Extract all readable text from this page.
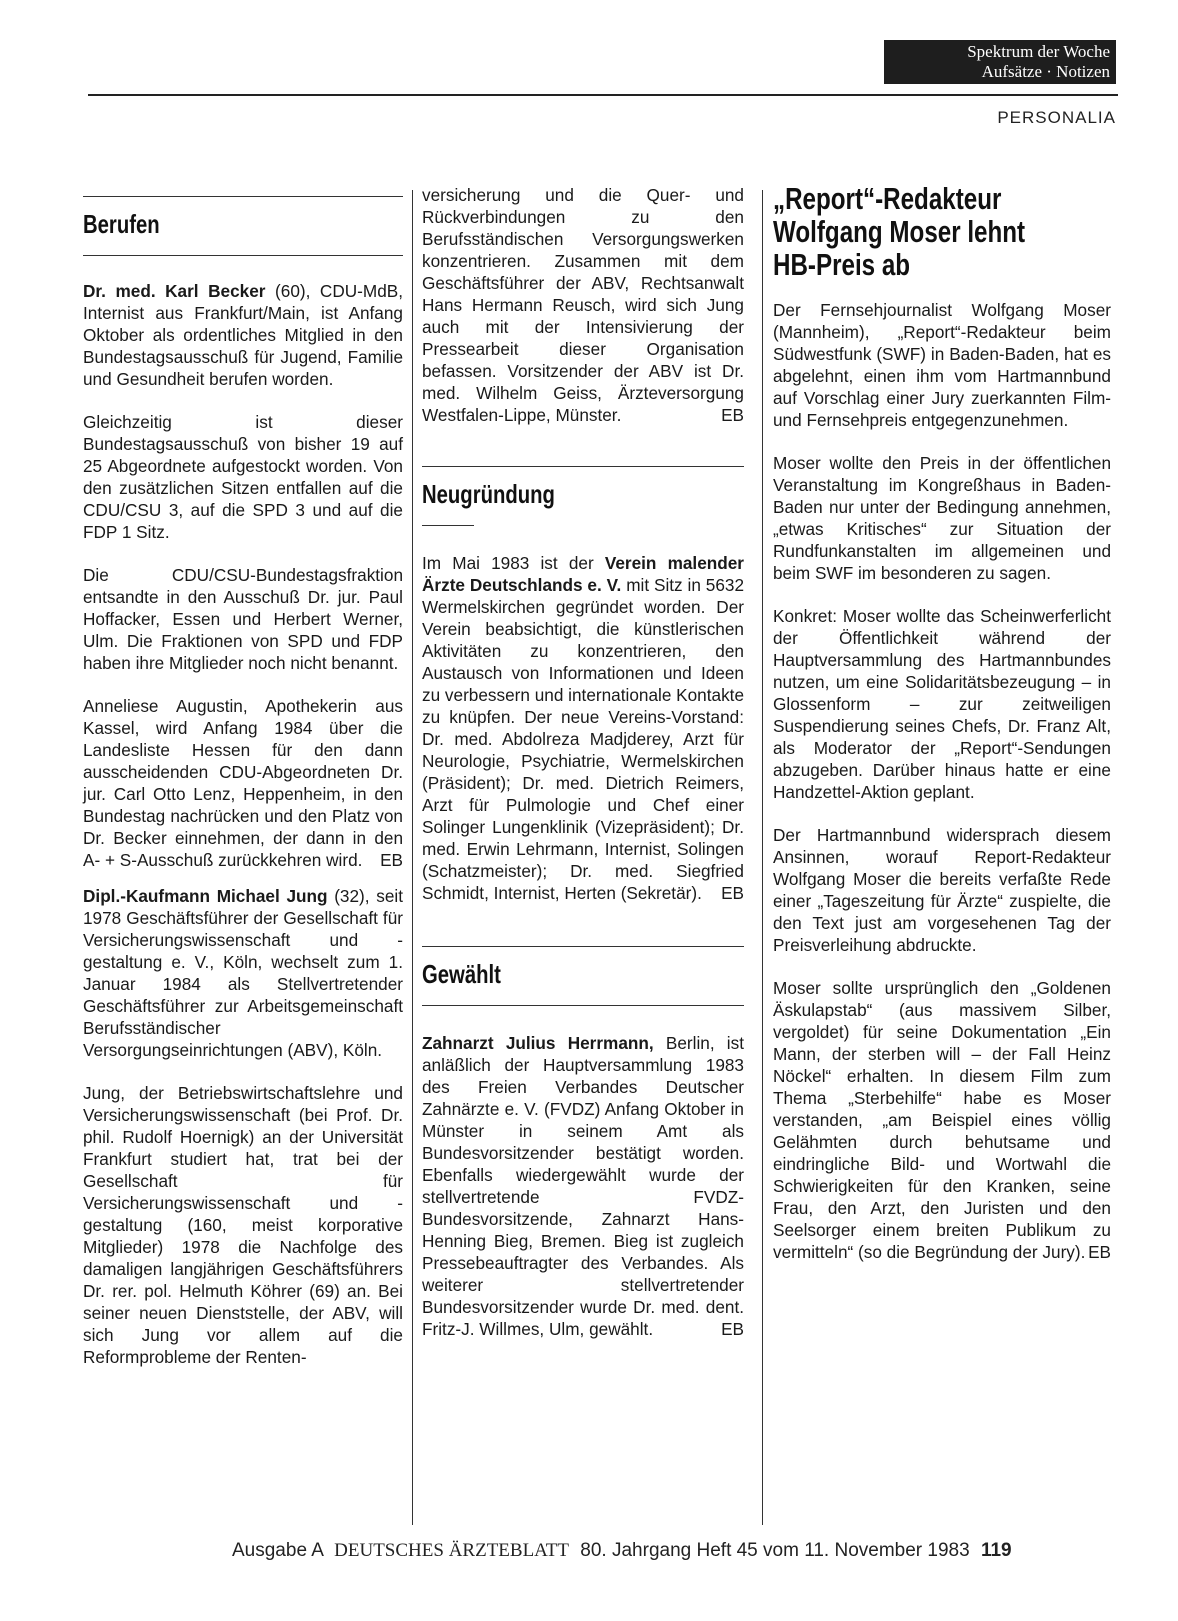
Spektrum der Woche
Aufsätze · Notizen
PERSONALIA
Berufen

Dr. med. Karl Becker (60), CDU-MdB, Internist aus Frankfurt/Main, ist Anfang Oktober als ordentliches Mitglied in den Bundestagsausschuß für Jugend, Familie und Gesundheit berufen worden.

Gleichzeitig ist dieser Bundestagsausschuß von bisher 19 auf 25 Abgeordnete aufgestockt worden. Von den zusätzlichen Sitzen entfallen auf die CDU/CSU 3, auf die SPD 3 und auf die FDP 1 Sitz.

Die CDU/CSU-Bundestagsfraktion entsandte in den Ausschuß Dr. jur. Paul Hoffacker, Essen und Herbert Werner, Ulm. Die Fraktionen von SPD und FDP haben ihre Mitglieder noch nicht benannt.

Anneliese Augustin, Apothekerin aus Kassel, wird Anfang 1984 über die Landesliste Hessen für den dann ausscheidenden CDU-Abgeordneten Dr. jur. Carl Otto Lenz, Heppenheim, in den Bundestag nachrücken und den Platz von Dr. Becker einnehmen, der dann in den A- + S-Ausschuß zurückkehren wird. EB

Dipl.-Kaufmann Michael Jung (32), seit 1978 Geschäftsführer der Gesellschaft für Versicherungswissenschaft und -gestaltung e. V., Köln, wechselt zum 1. Januar 1984 als Stellvertretender Geschäftsführer zur Arbeitsgemeinschaft Berufsständischer Versorgungseinrichtungen (ABV), Köln.

Jung, der Betriebswirtschaftslehre und Versicherungswissenschaft (bei Prof. Dr. phil. Rudolf Hoernigk) an der Universität Frankfurt studiert hat, trat bei der Gesellschaft für Versicherungswissenschaft und -gestaltung (160, meist korporative Mitglieder) 1978 die Nachfolge des damaligen langjährigen Geschäftsführers Dr. rer. pol. Helmuth Köhrer (69) an. Bei seiner neuen Dienststelle, der ABV, will sich Jung vor allem auf die Reformprobleme der Renten-

versicherung und die Quer- und Rückverbindungen zu den Berufsständischen Versorgungswerken konzentrieren. Zusammen mit dem Geschäftsführer der ABV, Rechtsanwalt Hans Hermann Reusch, wird sich Jung auch mit der Intensivierung der Pressearbeit dieser Organisation befassen. Vorsitzender der ABV ist Dr. med. Wilhelm Geiss, Ärzteversorgung Westfalen-Lippe, Münster.	EB

Neugründung

Im Mai 1983 ist der Verein malender Ärzte Deutschlands e. V. mit Sitz in 5632 Wermelskirchen gegründet worden. Der Verein beabsichtigt, die künstlerischen Aktivitäten zu konzentrieren, den Austausch von Informationen und Ideen zu verbessern und internationale Kontakte zu knüpfen. Der neue Vereins-Vorstand: Dr. med. Abdolreza Madjderey, Arzt für Neurologie, Psychiatrie, Wermelskirchen (Präsident); Dr. med. Dietrich Reimers, Arzt für Pulmologie und Chef einer Solinger Lungenklinik (Vizepräsident); Dr. med. Erwin Lehrmann, Internist, Solingen (Schatzmeister); Dr. med. Siegfried Schmidt, Internist, Herten (Sekretär). EB

Gewählt

Zahnarzt Julius Herrmann, Berlin, ist anläßlich der Hauptversammlung 1983 des Freien Verbandes Deutscher Zahnärzte e. V. (FVDZ) Anfang Oktober in Münster in seinem Amt als Bundesvorsitzender bestätigt worden. Ebenfalls wiedergewählt wurde der stellvertretende FVDZ-Bundesvorsitzende, Zahnarzt Hans-Henning Bieg, Bremen. Bieg ist zugleich Pressebeauftragter des Verbandes. Als weiterer stellvertretender Bundesvorsitzender wurde Dr. med. dent. Fritz-J. Willmes, Ulm, gewählt.	EB

„Report“-Redakteur
Wolfgang Moser lehnt
HB-Preis ab

Der Fernsehjournalist Wolfgang Moser (Mannheim), „Report“-Redakteur beim Südwestfunk (SWF) in Baden-Baden, hat es abgelehnt, einen ihm vom Hartmannbund auf Vorschlag einer Jury zuerkannten Film- und Fernsehpreis entgegenzunehmen.

Moser wollte den Preis in der öffentlichen Veranstaltung im Kongreßhaus in Baden-Baden nur unter der Bedingung annehmen, „etwas Kritisches“ zur Situation der Rundfunkanstalten im allgemeinen und beim SWF im besonderen zu sagen.

Konkret: Moser wollte das Scheinwerferlicht der Öffentlichkeit während der Hauptversammlung des Hartmannbundes nutzen, um eine Solidaritätsbezeugung – in Glossenform – zur zeitweiligen Suspendierung seines Chefs, Dr. Franz Alt, als Moderator der „Report“-Sendungen abzugeben. Darüber hinaus hatte er eine Handzettel-Aktion geplant.

Der Hartmannbund widersprach diesem Ansinnen, worauf Report-Redakteur Wolfgang Moser die bereits verfaßte Rede einer „Tageszeitung für Ärzte“ zuspielte, die den Text just am vorgesehenen Tag der Preisverleihung abdruckte.

Moser sollte ursprünglich den „Goldenen Äskulapstab“ (aus massivem Silber, vergoldet) für seine Dokumentation „Ein Mann, der sterben will – der Fall Heinz Nöckel“ erhalten. In diesem Film zum Thema „Sterbehilfe“ habe es Moser verstanden, „am Beispiel eines völlig Gelähmten durch behutsame und eindringliche Bild- und Wortwahl die Schwierigkeiten für den Kranken, seine Frau, den Arzt, den Juristen und den Seelsorger einem breiten Publikum zu vermitteln“ (so die Begründung der Jury). EB

Ausgabe A DEUTSCHES ÄRZTEBLATT 80. Jahrgang Heft 45 vom 11. November 1983 119
